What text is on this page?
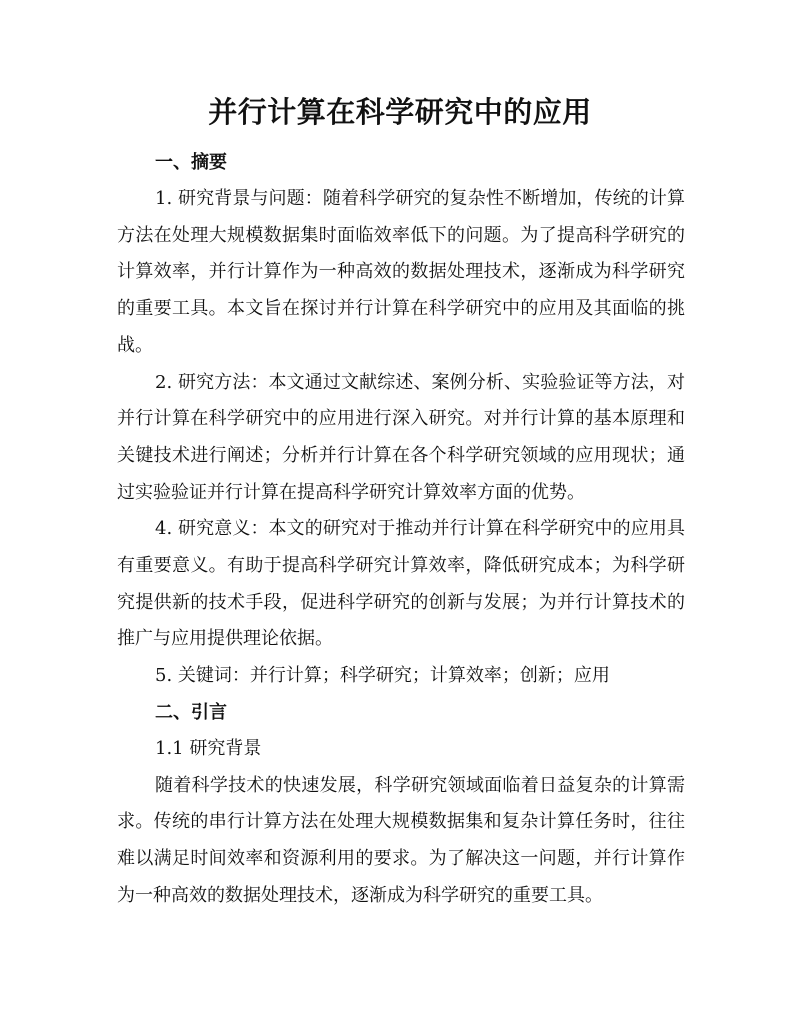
并行计算在科学研究中的应用

一、摘要

1. 研究背景与问题：随着科学研究的复杂性不断增加，传统的计算方法在处理大规模数据集时面临效率低下的问题。为了提高科学研究的计算效率，并行计算作为一种高效的数据处理技术，逐渐成为科学研究的重要工具。本文旨在探讨并行计算在科学研究中的应用及其面临的挑战。

2. 研究方法：本文通过文献综述、案例分析、实验验证等方法，对并行计算在科学研究中的应用进行深入研究。对并行计算的基本原理和关键技术进行阐述；分析并行计算在各个科学研究领域的应用现状；通过实验验证并行计算在提高科学研究计算效率方面的优势。

4. 研究意义：本文的研究对于推动并行计算在科学研究中的应用具有重要意义。有助于提高科学研究计算效率，降低研究成本；为科学研究提供新的技术手段，促进科学研究的创新与发展；为并行计算技术的推广与应用提供理论依据。

5. 关键词：并行计算；科学研究；计算效率；创新；应用

二、引言

1.1 研究背景

随着科学技术的快速发展，科学研究领域面临着日益复杂的计算需求。传统的串行计算方法在处理大规模数据集和复杂计算任务时，往往难以满足时间效率和资源利用的要求。为了解决这一问题，并行计算作为一种高效的数据处理技术，逐渐成为科学研究的重要工具。
